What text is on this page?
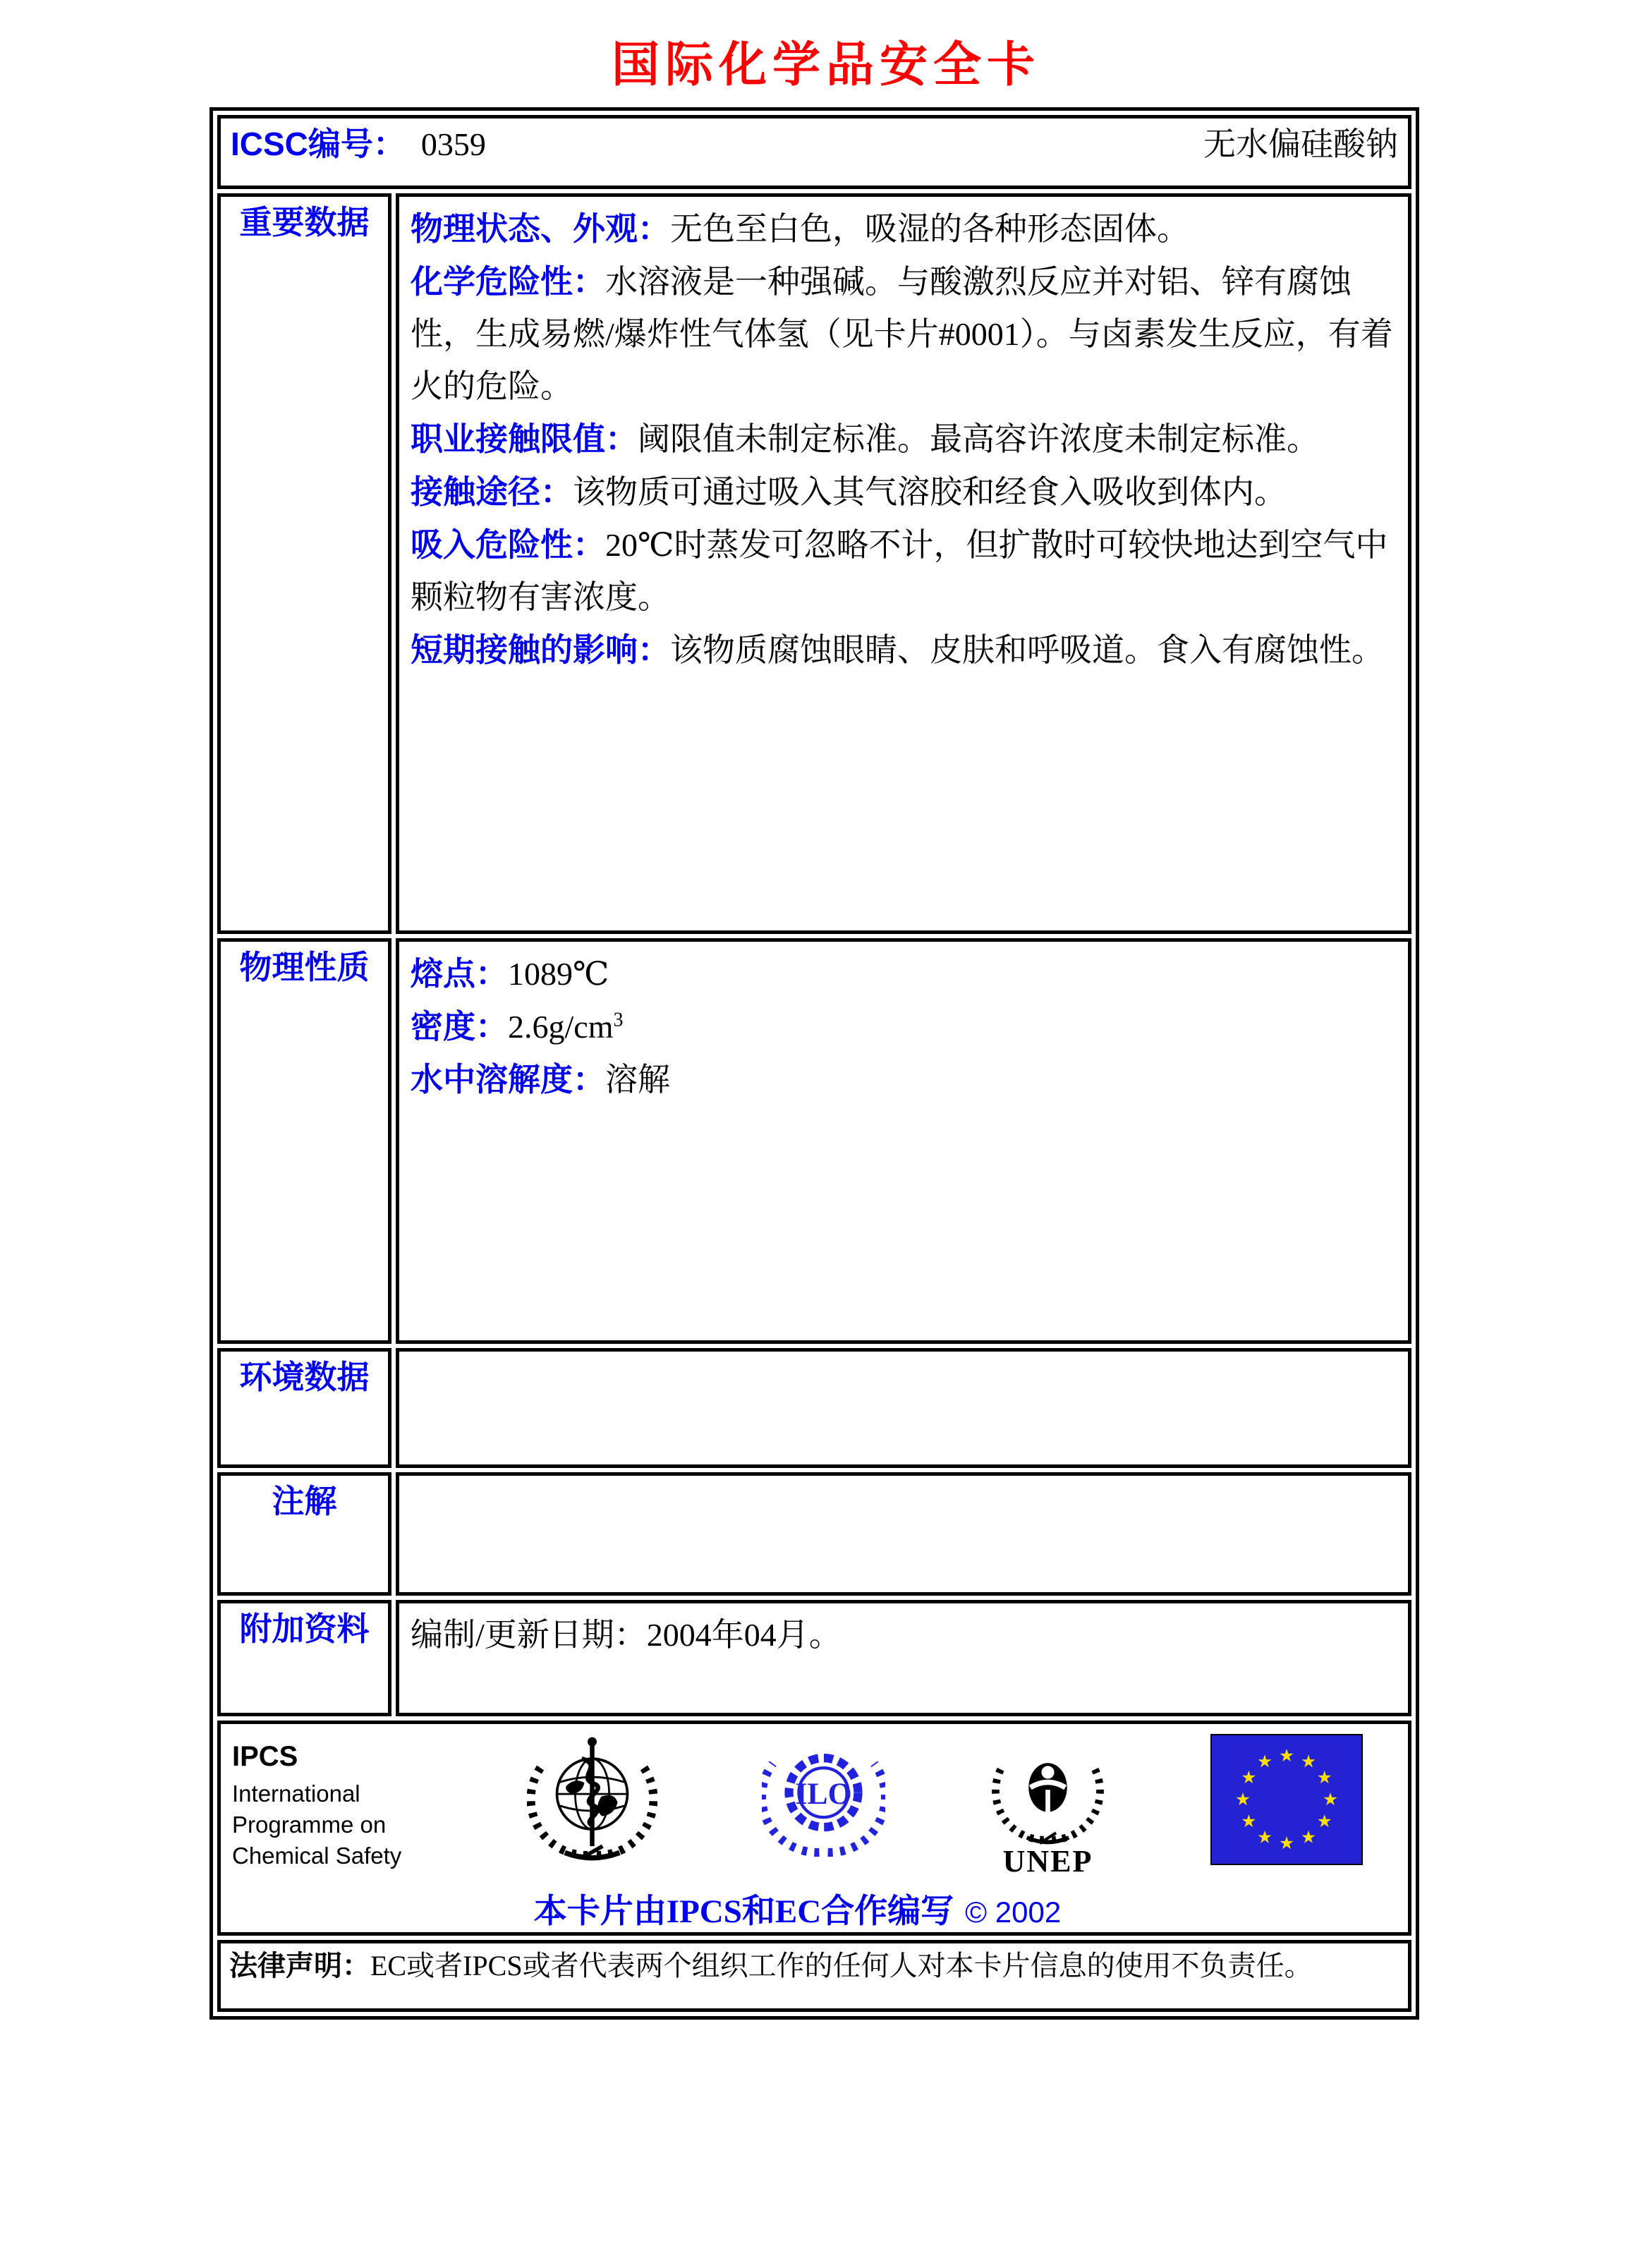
国际化学品安全卡
ICSC编号： 0359 无水偏硅酸钠	

重要数据	物理状态、外观：无色至白色，吸湿的各种形态固体。

化学危险性：水溶液是一种强碱。与酸激烈反应并对铝、锌有腐蚀性，生成易燃/爆炸性气体氢（见卡片#0001）。与卤素发生反应，有着火的危险。

职业接触限值：阈限值未制定标准。最高容许浓度未制定标准。

接触途径：该物质可通过吸入其气溶胶和经食入吸收到体内。

吸入危险性：20℃时蒸发可忽略不计，但扩散时可较快地达到空气中颗粒物有害浓度。

短期接触的影响：该物质腐蚀眼睛、皮肤和呼吸道。食入有腐蚀性。

物理性质	熔点：1089℃

密度：$2.6g/cm^3$

水中溶解度：溶解

环境数据	

注解	

附加资料	编制/更新日期：2004年04月。

IPCS
International
Programme on
Chemical Safety
ILO
UNEP
本卡片由IPCS和EC合作编写 © 2002

法律声明：EC或者IPCS或者代表两个组织工作的任何人对本卡片信息的使用不负责任。	
